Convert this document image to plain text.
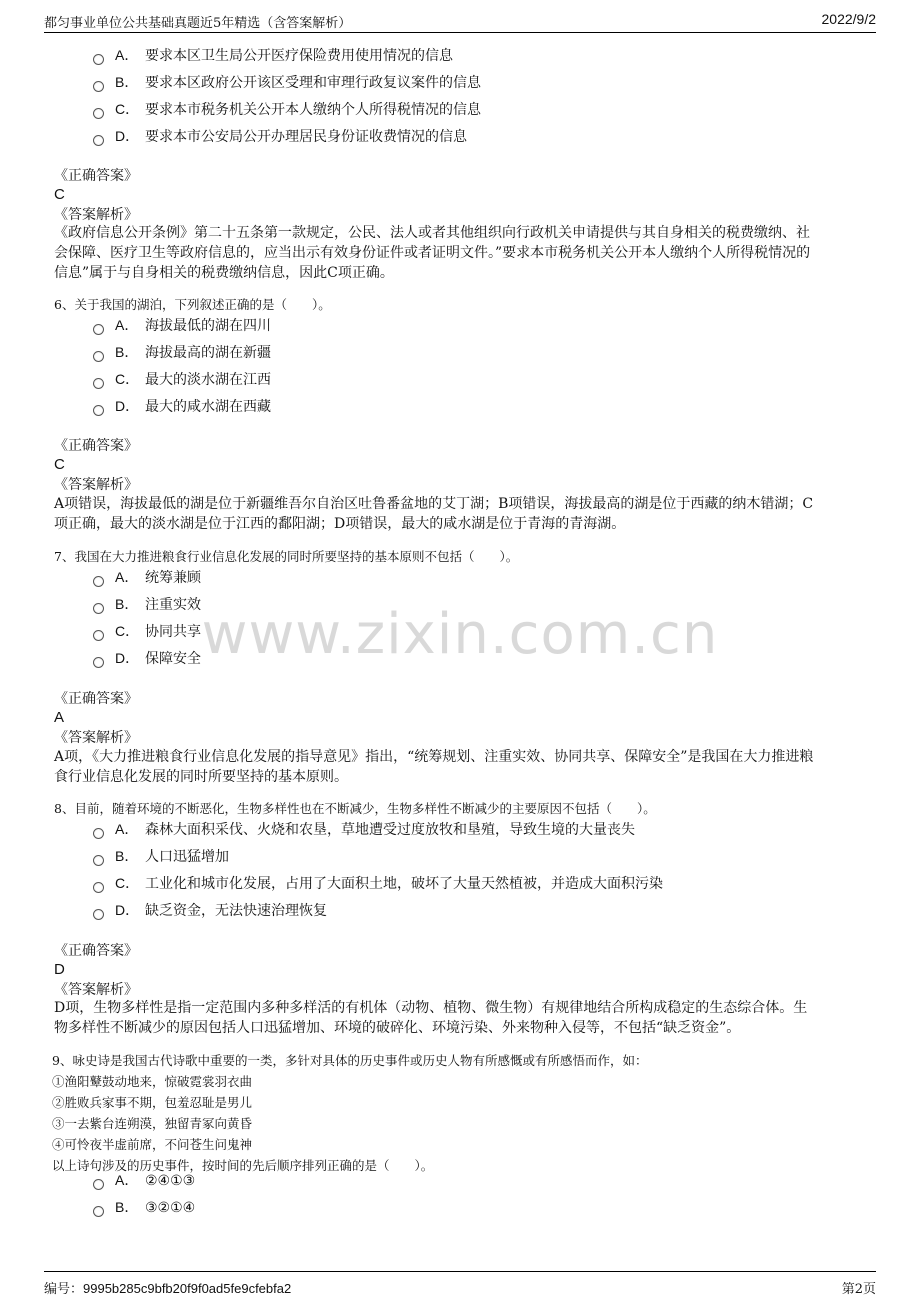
都匀事业单位公共基础真题近5年精选（含答案解析）	2022/9/2
www.zixin.com.cn
A． 要求本区卫生局公开医疗保险费用使用情况的信息
B． 要求本区政府公开该区受理和审理行政复议案件的信息
C． 要求本市税务机关公开本人缴纳个人所得税情况的信息
D． 要求本市公安局公开办理居民身份证收费情况的信息
《正确答案》
C
《答案解析》
《政府信息公开条例》第二十五条第一款规定，公民、法人或者其他组织向行政机关申请提供与其自身相关的税费缴纳、社
会保障、医疗卫生等政府信息的，应当出示有效身份证件或者证明文件。”要求本市税务机关公开本人缴纳个人所得税情况的
信息”属于与自身相关的税费缴纳信息，因此C项正确。
6、关于我国的湖泊，下列叙述正确的是（　　）。
A． 海拔最低的湖在四川
B． 海拔最高的湖在新疆
C． 最大的淡水湖在江西
D． 最大的咸水湖在西藏
《正确答案》
C
《答案解析》
A项错误，海拔最低的湖是位于新疆维吾尔自治区吐鲁番盆地的艾丁湖；B项错误，海拔最高的湖是位于西藏的纳木错湖；C
项正确，最大的淡水湖是位于江西的鄱阳湖；D项错误，最大的咸水湖是位于青海的青海湖。
7、我国在大力推进粮食行业信息化发展的同时所要坚持的基本原则不包括（　　）。
A． 统筹兼顾
B． 注重实效
C． 协同共享
D． 保障安全
《正确答案》
A
《答案解析》
A项，《大力推进粮食行业信息化发展的指导意见》指出，“统筹规划、注重实效、协同共享、保障安全”是我国在大力推进粮
食行业信息化发展的同时所要坚持的基本原则。
8、目前，随着环境的不断恶化，生物多样性也在不断减少，生物多样性不断减少的主要原因不包括（　　）。
A． 森林大面积采伐、火烧和农垦，草地遭受过度放牧和垦殖，导致生境的大量丧失
B． 人口迅猛增加
C． 工业化和城市化发展，占用了大面积土地，破坏了大量天然植被，并造成大面积污染
D． 缺乏资金，无法快速治理恢复
《正确答案》
D
《答案解析》
D项，生物多样性是指一定范围内多种多样活的有机体（动物、植物、微生物）有规律地结合所构成稳定的生态综合体。生
物多样性不断减少的原因包括人口迅猛增加、环境的破碎化、环境污染、外来物种入侵等，不包括“缺乏资金”。
9、咏史诗是我国古代诗歌中重要的一类，多针对具体的历史事件或历史人物有所感慨或有所感悟而作，如：
①渔阳鼙鼓动地来，惊破霓裳羽衣曲
②胜败兵家事不期，包羞忍耻是男儿
③一去紫台连朔漠，独留青冢向黄昏
④可怜夜半虚前席，不问苍生问鬼神
以上诗句涉及的历史事件，按时间的先后顺序排列正确的是（　　）。
A． ②④①③
B． ③②①④
编号：9995b285c9bfb20f9f0ad5fe9cfebfa2	第2页
